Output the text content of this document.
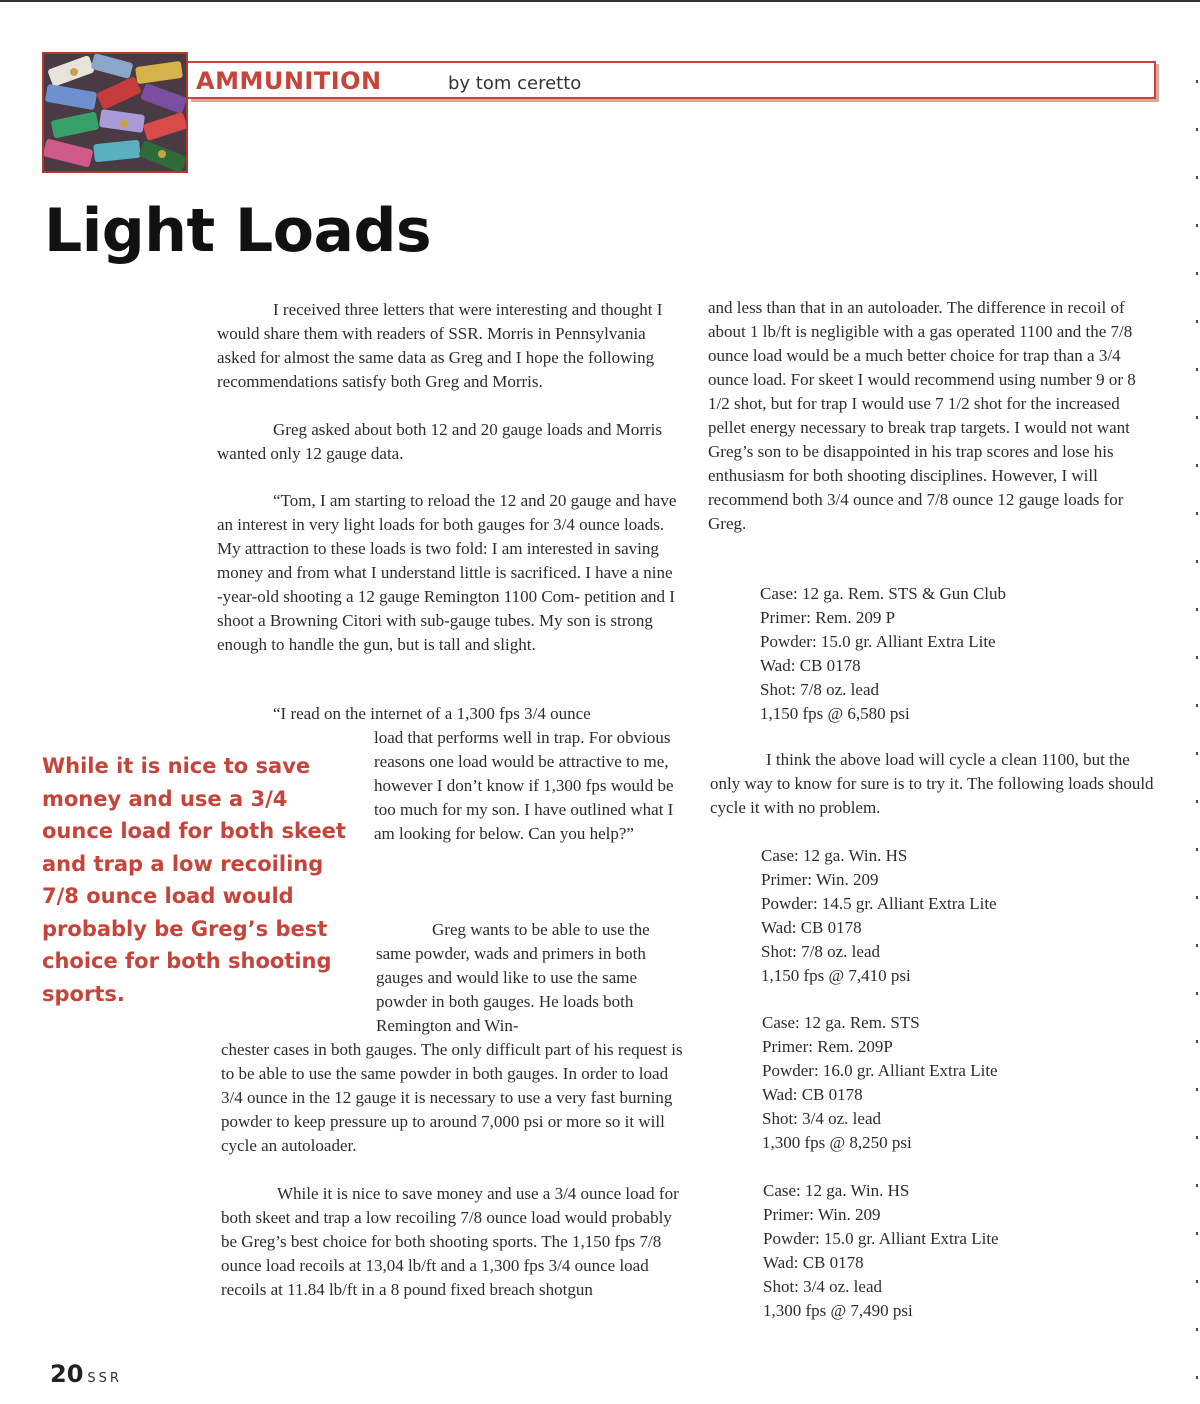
AMMUNITION	by tom ceretto
Light Loads

I received three letters that were interesting and thought I would share them with readers of SSR. Morris in Pennsylvania asked for almost the same data as Greg and I hope the following recommendations satisfy both Greg and Morris.

Greg asked about both 12 and 20 gauge loads and Morris wanted only 12 gauge data.

“Tom, I am starting to reload the 12 and 20 gauge and have an interest in very light loads for both gauges for 3/4 ounce loads. My attraction to these loads is two fold: I am interested in saving money and from what I understand little is sacrificed. I have a nine -year-old shooting a 12 gauge Remington 1100 Com- petition and I shoot a Browning Citori with sub-gauge tubes. My son is strong enough to handle the gun, but is tall and slight.

“I read on the internet of a 1,300 fps 3/4 ounce

load that performs well in trap. For obvious reasons one load would be attractive to me, however I don’t know if 1,300 fps would be too much for my son. I have outlined what I am looking for below. Can you help?”

Greg wants to be able to use the same powder, wads and primers in both gauges and would like to use the same powder in both gauges. He loads both Remington and Win-

chester cases in both gauges. The only difficult part of his request is to be able to use the same powder in both gauges. In order to load 3/4 ounce in the 12 gauge it is necessary to use a very fast burning powder to keep pressure up to around 7,000 psi or more so it will cycle an autoloader.

While it is nice to save money and use a 3/4 ounce load for both skeet and trap a low recoiling 7/8 ounce load would probably be Greg’s best choice for both shooting sports. The 1,150 fps 7/8 ounce load recoils at 13,04 lb/ft and a 1,300 fps 3/4 ounce load recoils at 11.84 lb/ft in a 8 pound fixed breach shotgun

While it is nice to save money and use a 3/4 ounce load for both skeet and trap a low recoiling 7/8 ounce load would probably be Greg’s best choice for both shooting sports.

and less than that in an autoloader. The difference in recoil of about 1 lb/ft is negligible with a gas operated 1100 and the 7/8 ounce load would be a much better choice for trap than a 3/4 ounce load. For skeet I would recommend using number 9 or 8 1/2 shot, but for trap I would use 7 1/2 shot for the increased pellet energy necessary to break trap targets. I would not want Greg’s son to be disappointed in his trap scores and lose his enthusiasm for both shooting disciplines. However, I will recommend both 3/4 ounce and 7/8 ounce 12 gauge loads for Greg.

Case: 12 ga. Rem. STS & Gun Club
Primer: Rem. 209 P
Powder: 15.0 gr. Alliant Extra Lite
Wad: CB 0178
Shot: 7/8 oz. lead
1,150 fps @ 6,580 psi

I think the above load will cycle a clean 1100, but the only way to know for sure is to try it. The following loads should cycle it with no problem.

Case: 12 ga. Win. HS
Primer: Win. 209
Powder: 14.5 gr. Alliant Extra Lite
Wad: CB 0178
Shot: 7/8 oz. lead
1,150 fps @ 7,410 psi
Case: 12 ga. Rem. STS
Primer: Rem. 209P
Powder: 16.0 gr. Alliant Extra Lite
Wad: CB 0178
Shot: 3/4 oz. lead
1,300 fps @ 8,250 psi
Case: 12 ga. Win. HS
Primer: Win. 209
Powder: 15.0 gr. Alliant Extra Lite
Wad: CB 0178
Shot: 3/4 oz. lead
1,300 fps @ 7,490 psi
20 SSR
